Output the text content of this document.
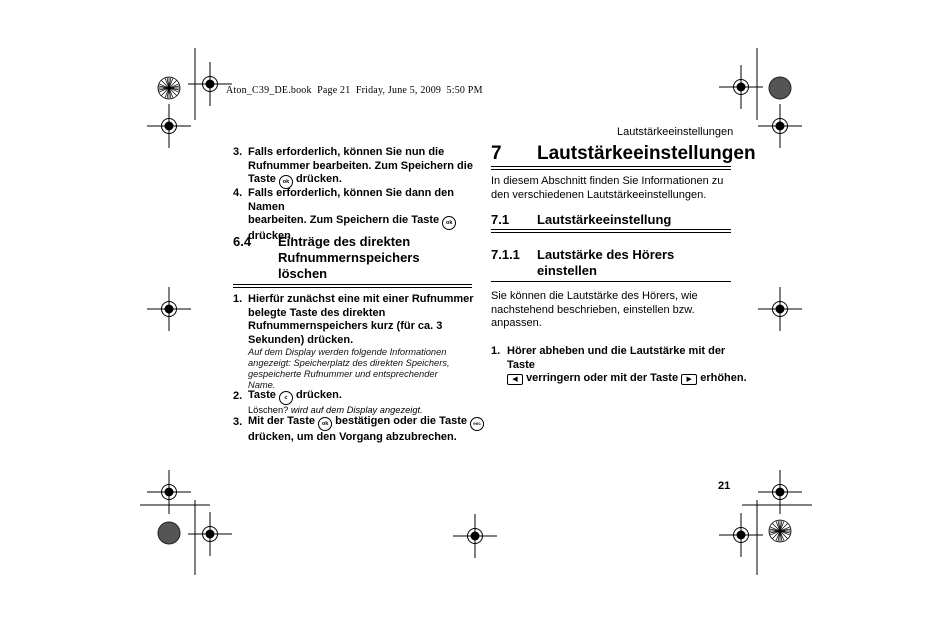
Aton_C39_DE.book  Page 21  Friday, June 5, 2009  5:50 PM
Lautstärkeeinstellungen
3. Falls erforderlich, können Sie nun die
Rufnummer bearbeiten. Zum Speichern die
Taste ok drücken.
4. Falls erforderlich, können Sie dann den Namen
bearbeiten. Zum Speichern die Taste ok
drücken.
6.4 Einträge des direkten
Rufnummernspeichers
löschen
1. Hierfür zunächst eine mit einer Rufnummer
belegte Taste des direkten
Rufnummernspeichers kurz (für ca. 3
Sekunden) drücken.
Auf dem Display werden folgende Informationen
angezeigt: Speicherplatz des direkten Speichers,
gespeicherte Rufnummer und entsprechender
Name.
2. Taste c drücken.
Löschen? wird auf dem Display angezeigt.
3. Mit der Taste ok bestätigen oder die Taste esc
drücken, um den Vorgang abzubrechen.
7 Lautstärkeeinstellungen
In diesem Abschnitt finden Sie Informationen zu
den verschiedenen Lautstärkeeinstellungen.
7.1 Lautstärkeeinstellung
7.1.1 Lautstärke des Hörers
einstellen
Sie können die Lautstärke des Hörers, wie
nachstehend beschrieben, einstellen bzw.
anpassen.
1. Hörer abheben und die Lautstärke mit der Taste
◀ verringern oder mit der Taste ▶ erhöhen.
21
